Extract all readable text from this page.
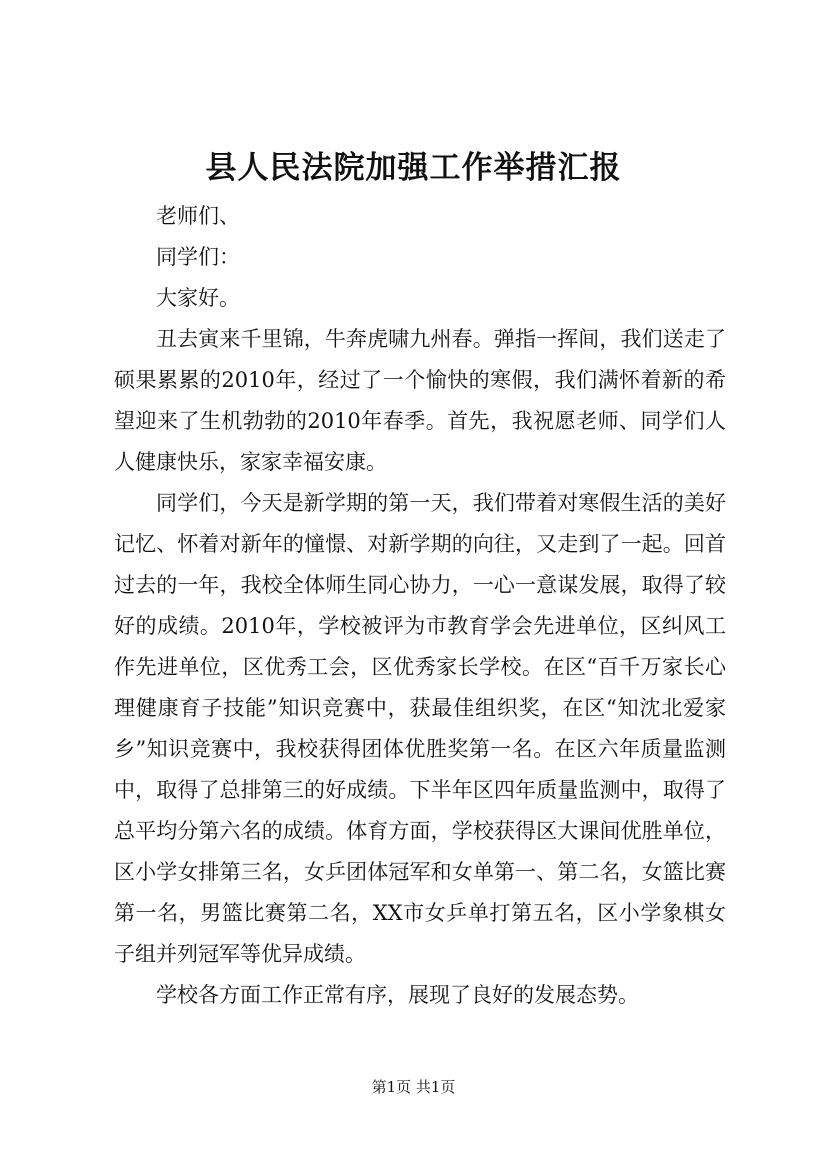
县人民法院加强工作举措汇报

老师们、

同学们：

大家好。

丑去寅来千里锦，牛奔虎啸九州春。弹指一挥间，我们送走了硕果累累的2010年，经过了一个愉快的寒假，我们满怀着新的希望迎来了生机勃勃的2010年春季。首先，我祝愿老师、同学们人人健康快乐，家家幸福安康。

同学们，今天是新学期的第一天，我们带着对寒假生活的美好记忆、怀着对新年的憧憬、对新学期的向往，又走到了一起。回首过去的一年，我校全体师生同心协力，一心一意谋发展，取得了较好的成绩。2010年，学校被评为市教育学会先进单位，区纠风工作先进单位，区优秀工会，区优秀家长学校。在区“百千万家长心理健康育子技能”知识竞赛中，获最佳组织奖，在区“知沈北爱家乡”知识竞赛中，我校获得团体优胜奖第一名。在区六年质量监测中，取得了总排第三的好成绩。下半年区四年质量监测中，取得了总平均分第六名的成绩。体育方面，学校获得区大课间优胜单位，区小学女排第三名，女乒团体冠军和女单第一、第二名，女篮比赛第一名，男篮比赛第二名，XX市女乒单打第五名，区小学象棋女子组并列冠军等优异成绩。

学校各方面工作正常有序，展现了良好的发展态势。

第1页 共1页
